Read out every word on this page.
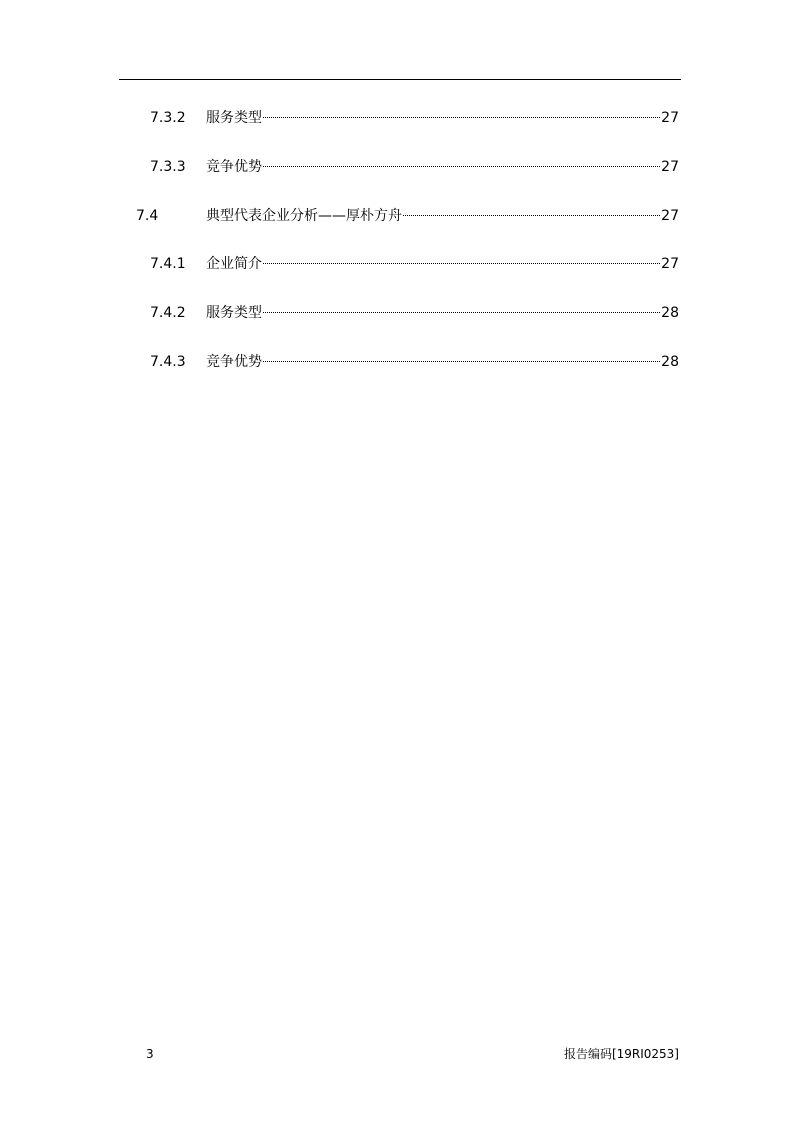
7.3.2 服务类型	27
7.3.3 竞争优势	27
7.4	典型代表企业分析——厚朴方舟	27
7.4.1 企业简介	27
7.4.2 服务类型	28
7.4.3 竞争优势	28
3	报告编码[19RI0253]
